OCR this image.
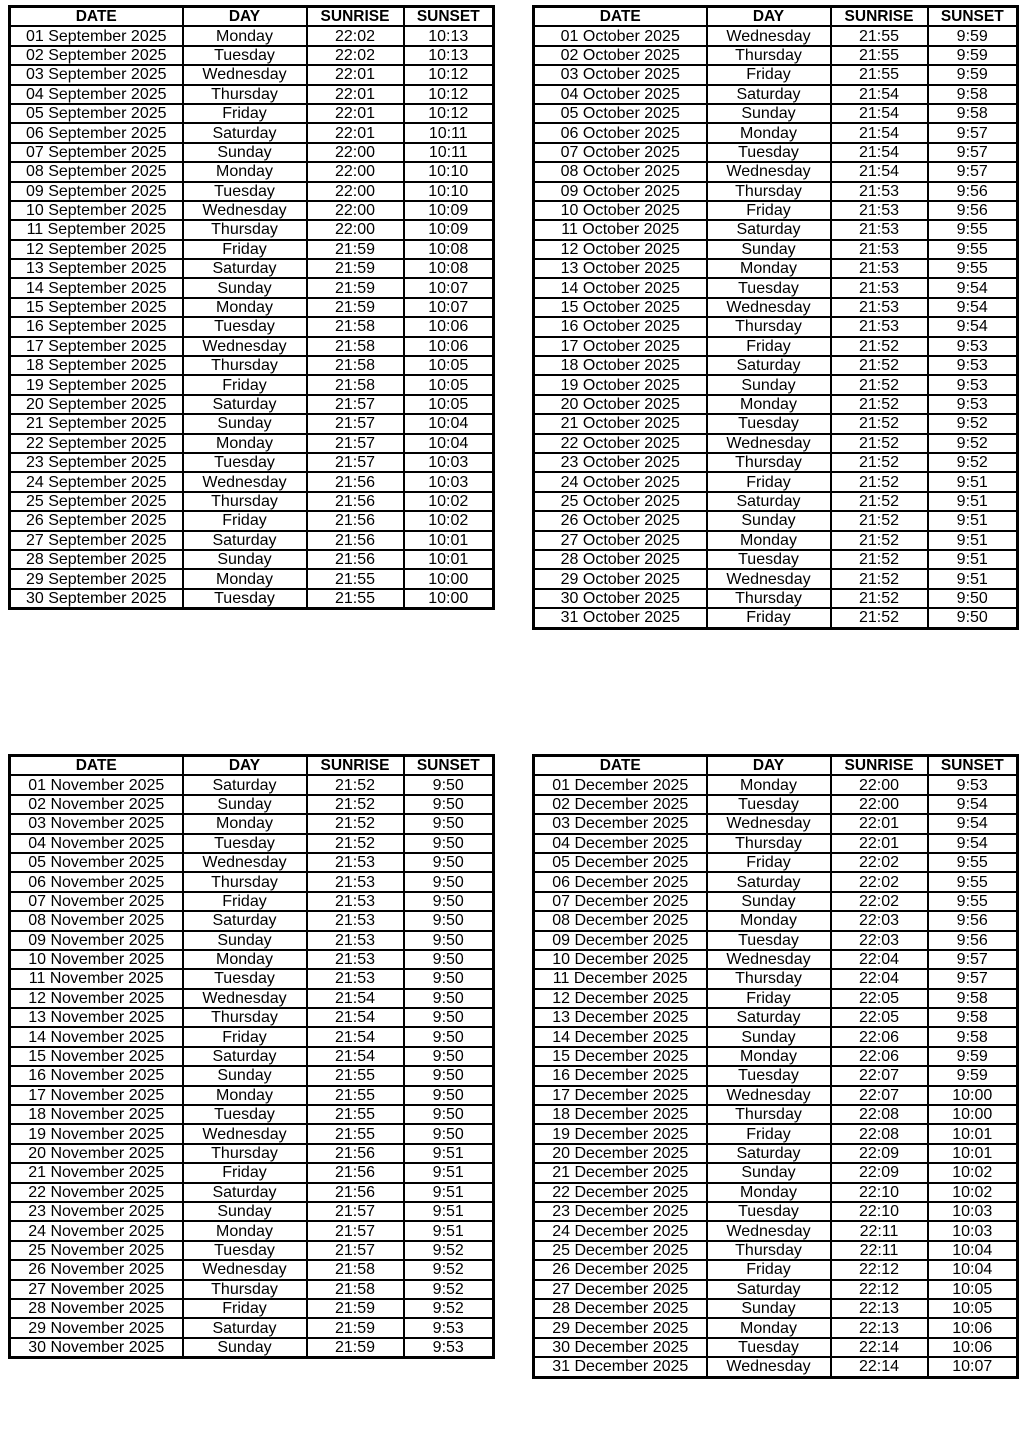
DATE	DAY	SUNRISE	SUNSET
01 September 2025	Monday	22:02	10:13
02 September 2025	Tuesday	22:02	10:13
03 September 2025	Wednesday	22:01	10:12
04 September 2025	Thursday	22:01	10:12
05 September 2025	Friday	22:01	10:12
06 September 2025	Saturday	22:01	10:11
07 September 2025	Sunday	22:00	10:11
08 September 2025	Monday	22:00	10:10
09 September 2025	Tuesday	22:00	10:10
10 September 2025	Wednesday	22:00	10:09
11 September 2025	Thursday	22:00	10:09
12 September 2025	Friday	21:59	10:08
13 September 2025	Saturday	21:59	10:08
14 September 2025	Sunday	21:59	10:07
15 September 2025	Monday	21:59	10:07
16 September 2025	Tuesday	21:58	10:06
17 September 2025	Wednesday	21:58	10:06
18 September 2025	Thursday	21:58	10:05
19 September 2025	Friday	21:58	10:05
20 September 2025	Saturday	21:57	10:05
21 September 2025	Sunday	21:57	10:04
22 September 2025	Monday	21:57	10:04
23 September 2025	Tuesday	21:57	10:03
24 September 2025	Wednesday	21:56	10:03
25 September 2025	Thursday	21:56	10:02
26 September 2025	Friday	21:56	10:02
27 September 2025	Saturday	21:56	10:01
28 September 2025	Sunday	21:56	10:01
29 September 2025	Monday	21:55	10:00
30 September 2025	Tuesday	21:55	10:00
DATE	DAY	SUNRISE	SUNSET
01 October 2025	Wednesday	21:55	9:59
02 October 2025	Thursday	21:55	9:59
03 October 2025	Friday	21:55	9:59
04 October 2025	Saturday	21:54	9:58
05 October 2025	Sunday	21:54	9:58
06 October 2025	Monday	21:54	9:57
07 October 2025	Tuesday	21:54	9:57
08 October 2025	Wednesday	21:54	9:57
09 October 2025	Thursday	21:53	9:56
10 October 2025	Friday	21:53	9:56
11 October 2025	Saturday	21:53	9:55
12 October 2025	Sunday	21:53	9:55
13 October 2025	Monday	21:53	9:55
14 October 2025	Tuesday	21:53	9:54
15 October 2025	Wednesday	21:53	9:54
16 October 2025	Thursday	21:53	9:54
17 October 2025	Friday	21:52	9:53
18 October 2025	Saturday	21:52	9:53
19 October 2025	Sunday	21:52	9:53
20 October 2025	Monday	21:52	9:53
21 October 2025	Tuesday	21:52	9:52
22 October 2025	Wednesday	21:52	9:52
23 October 2025	Thursday	21:52	9:52
24 October 2025	Friday	21:52	9:51
25 October 2025	Saturday	21:52	9:51
26 October 2025	Sunday	21:52	9:51
27 October 2025	Monday	21:52	9:51
28 October 2025	Tuesday	21:52	9:51
29 October 2025	Wednesday	21:52	9:51
30 October 2025	Thursday	21:52	9:50
31 October 2025	Friday	21:52	9:50
DATE	DAY	SUNRISE	SUNSET
01 November 2025	Saturday	21:52	9:50
02 November 2025	Sunday	21:52	9:50
03 November 2025	Monday	21:52	9:50
04 November 2025	Tuesday	21:52	9:50
05 November 2025	Wednesday	21:53	9:50
06 November 2025	Thursday	21:53	9:50
07 November 2025	Friday	21:53	9:50
08 November 2025	Saturday	21:53	9:50
09 November 2025	Sunday	21:53	9:50
10 November 2025	Monday	21:53	9:50
11 November 2025	Tuesday	21:53	9:50
12 November 2025	Wednesday	21:54	9:50
13 November 2025	Thursday	21:54	9:50
14 November 2025	Friday	21:54	9:50
15 November 2025	Saturday	21:54	9:50
16 November 2025	Sunday	21:55	9:50
17 November 2025	Monday	21:55	9:50
18 November 2025	Tuesday	21:55	9:50
19 November 2025	Wednesday	21:55	9:50
20 November 2025	Thursday	21:56	9:51
21 November 2025	Friday	21:56	9:51
22 November 2025	Saturday	21:56	9:51
23 November 2025	Sunday	21:57	9:51
24 November 2025	Monday	21:57	9:51
25 November 2025	Tuesday	21:57	9:52
26 November 2025	Wednesday	21:58	9:52
27 November 2025	Thursday	21:58	9:52
28 November 2025	Friday	21:59	9:52
29 November 2025	Saturday	21:59	9:53
30 November 2025	Sunday	21:59	9:53
DATE	DAY	SUNRISE	SUNSET
01 December 2025	Monday	22:00	9:53
02 December 2025	Tuesday	22:00	9:54
03 December 2025	Wednesday	22:01	9:54
04 December 2025	Thursday	22:01	9:54
05 December 2025	Friday	22:02	9:55
06 December 2025	Saturday	22:02	9:55
07 December 2025	Sunday	22:02	9:55
08 December 2025	Monday	22:03	9:56
09 December 2025	Tuesday	22:03	9:56
10 December 2025	Wednesday	22:04	9:57
11 December 2025	Thursday	22:04	9:57
12 December 2025	Friday	22:05	9:58
13 December 2025	Saturday	22:05	9:58
14 December 2025	Sunday	22:06	9:58
15 December 2025	Monday	22:06	9:59
16 December 2025	Tuesday	22:07	9:59
17 December 2025	Wednesday	22:07	10:00
18 December 2025	Thursday	22:08	10:00
19 December 2025	Friday	22:08	10:01
20 December 2025	Saturday	22:09	10:01
21 December 2025	Sunday	22:09	10:02
22 December 2025	Monday	22:10	10:02
23 December 2025	Tuesday	22:10	10:03
24 December 2025	Wednesday	22:11	10:03
25 December 2025	Thursday	22:11	10:04
26 December 2025	Friday	22:12	10:04
27 December 2025	Saturday	22:12	10:05
28 December 2025	Sunday	22:13	10:05
29 December 2025	Monday	22:13	10:06
30 December 2025	Tuesday	22:14	10:06
31 December 2025	Wednesday	22:14	10:07
